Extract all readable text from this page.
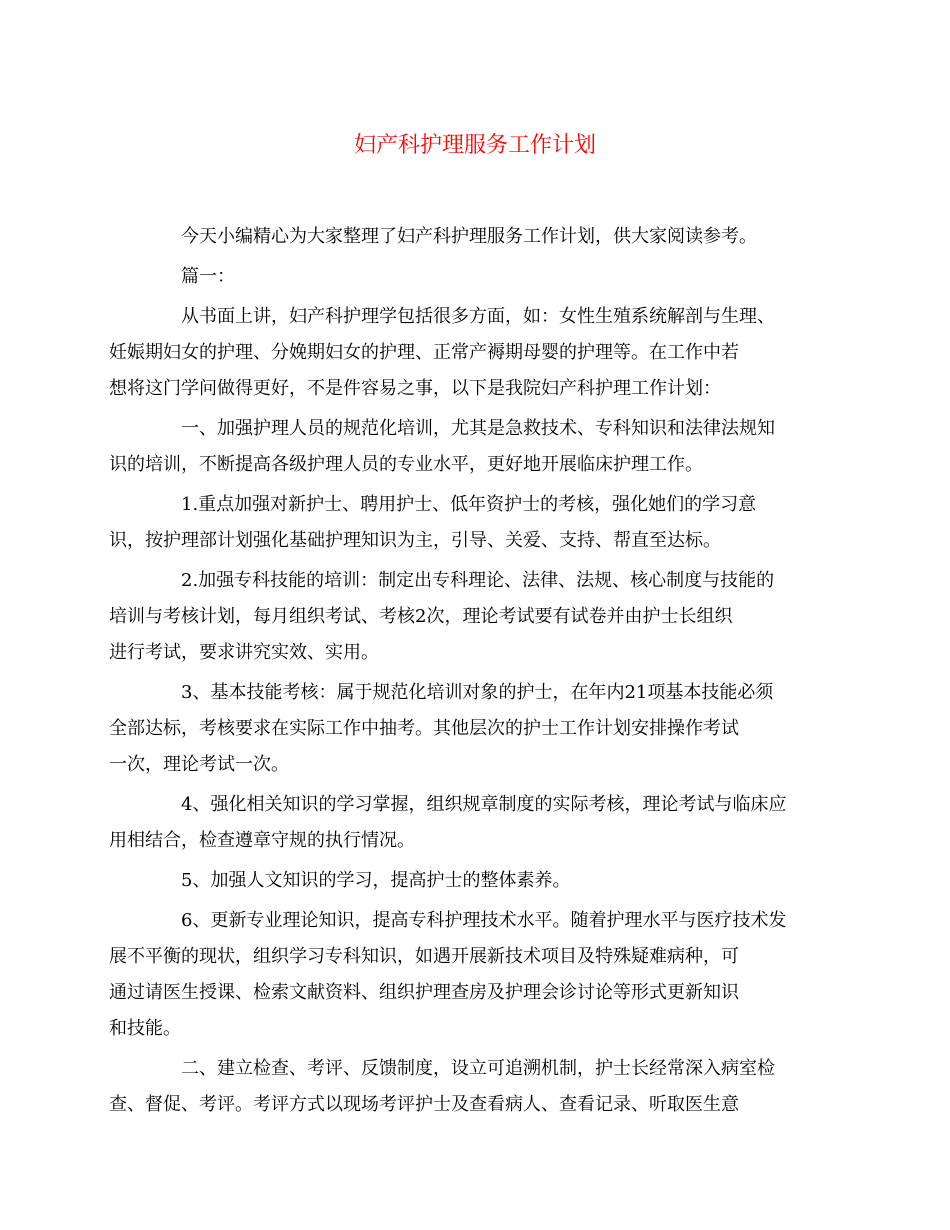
妇产科护理服务工作计划
今天小编精心为大家整理了妇产科护理服务工作计划，供大家阅读参考。
篇一：
从书面上讲，妇产科护理学包括很多方面，如：女性生殖系统解剖与生理、
妊娠期妇女的护理、分娩期妇女的护理、正常产褥期母婴的护理等。在工作中若
想将这门学问做得更好，不是件容易之事，以下是我院妇产科护理工作计划：
一、加强护理人员的规范化培训，尤其是急救技术、专科知识和法律法规知
识的培训，不断提高各级护理人员的专业水平，更好地开展临床护理工作。
1.重点加强对新护士、聘用护士、低年资护士的考核，强化她们的学习意
识，按护理部计划强化基础护理知识为主，引导、关爱、支持、帮直至达标。
2.加强专科技能的培训：制定出专科理论、法律、法规、核心制度与技能的
培训与考核计划，每月组织考试、考核2次，理论考试要有试卷并由护士长组织
进行考试，要求讲究实效、实用。
3、基本技能考核：属于规范化培训对象的护士，在年内21项基本技能必须
全部达标，考核要求在实际工作中抽考。其他层次的护士工作计划安排操作考试
一次，理论考试一次。
4、强化相关知识的学习掌握，组织规章制度的实际考核，理论考试与临床应
用相结合，检查遵章守规的执行情况。
5、加强人文知识的学习，提高护士的整体素养。
6、更新专业理论知识，提高专科护理技术水平。随着护理水平与医疗技术发
展不平衡的现状，组织学习专科知识，如遇开展新技术项目及特殊疑难病种，可
通过请医生授课、检索文献资料、组织护理查房及护理会诊讨论等形式更新知识
和技能。
二、建立检查、考评、反馈制度，设立可追溯机制，护士长经常深入病室检
查、督促、考评。考评方式以现场考评护士及查看病人、查看记录、听取医生意
